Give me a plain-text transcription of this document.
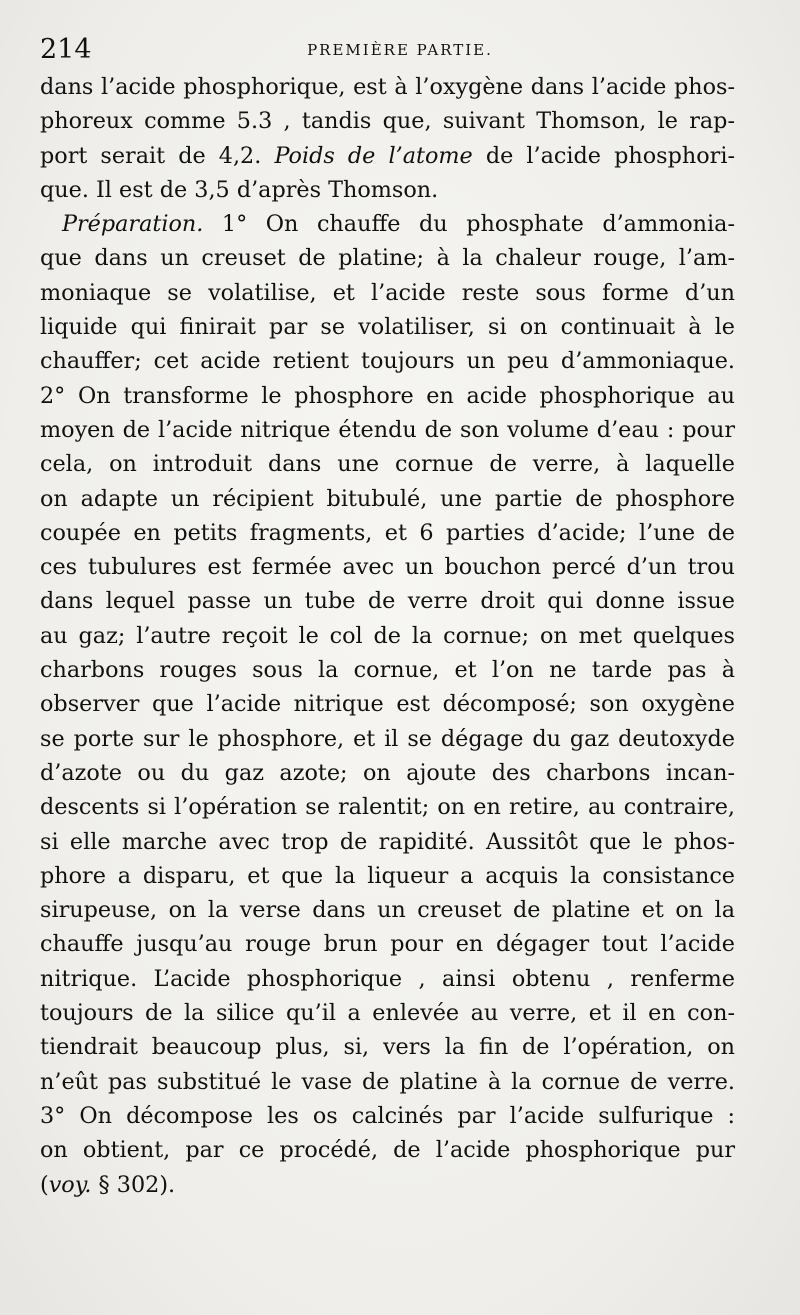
214	PREMIÈRE PARTIE.
dans l’acide phosphorique, est à l’oxygène dans l’acide phos-
phoreux comme 5.3 , tandis que, suivant Thomson, le rap-
port serait de 4,2. Poids de l’atome de l’acide phosphori-
que. Il est de 3,5 d’après Thomson.
Préparation. 1° On chauffe du phosphate d’ammonia-
que dans un creuset de platine; à la chaleur rouge, l’am-
moniaque se volatilise, et l’acide reste sous forme d’un
liquide qui finirait par se volatiliser, si on continuait à le
chauffer; cet acide retient toujours un peu d’ammoniaque.
2° On transforme le phosphore en acide phosphorique au
moyen de l’acide nitrique étendu de son volume d’eau : pour
cela, on introduit dans une cornue de verre, à laquelle
on adapte un récipient bitubulé, une partie de phosphore
coupée en petits fragments, et 6 parties d’acide; l’une de
ces tubulures est fermée avec un bouchon percé d’un trou
dans lequel passe un tube de verre droit qui donne issue
au gaz; l’autre reçoit le col de la cornue; on met quelques
charbons rouges sous la cornue, et l’on ne tarde pas à
observer que l’acide nitrique est décomposé; son oxygène
se porte sur le phosphore, et il se dégage du gaz deutoxyde
d’azote ou du gaz azote; on ajoute des charbons incan-
descents si l’opération se ralentit; on en retire, au contraire,
si elle marche avec trop de rapidité. Aussitôt que le phos-
phore a disparu, et que la liqueur a acquis la consistance
sirupeuse, on la verse dans un creuset de platine et on la
chauffe jusqu’au rouge brun pour en dégager tout l’acide
nitrique. L’acide phosphorique , ainsi obtenu , renferme
toujours de la silice qu’il a enlevée au verre, et il en con-
tiendrait beaucoup plus, si, vers la fin de l’opération, on
n’eût pas substitué le vase de platine à la cornue de verre.
3° On décompose les os calcinés par l’acide sulfurique :
on obtient, par ce procédé, de l’acide phosphorique pur
(voy. § 302).
